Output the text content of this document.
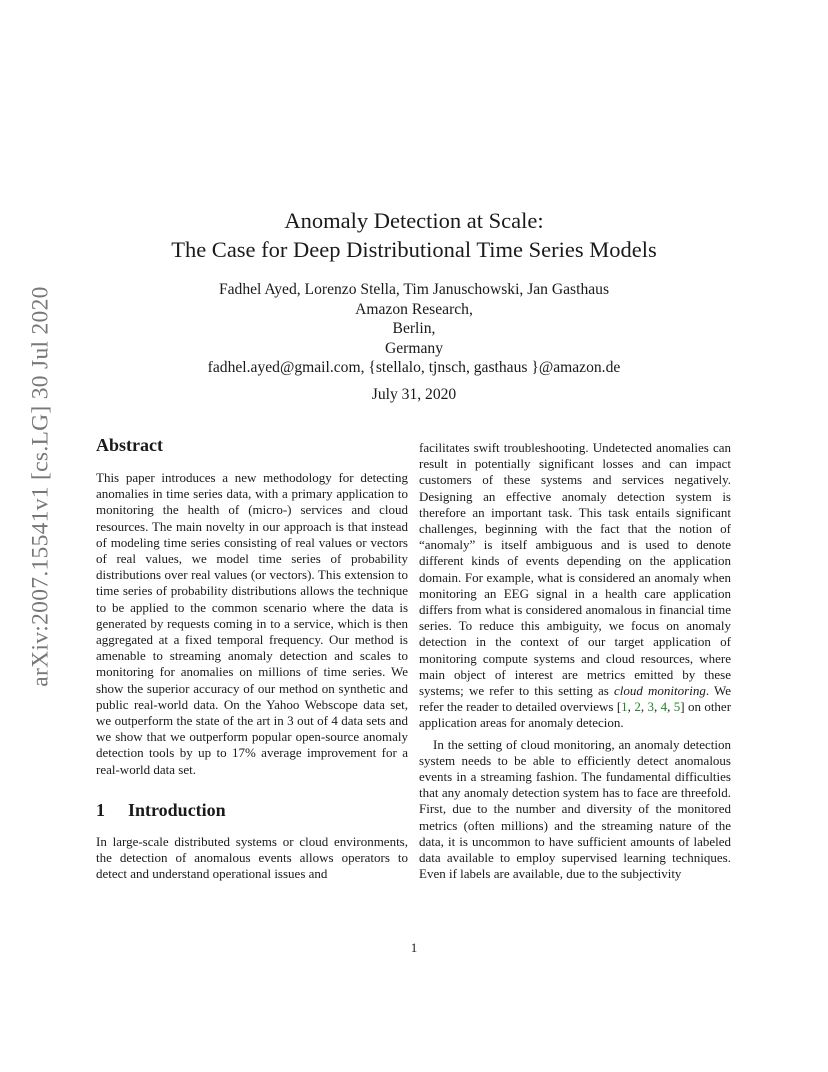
arXiv:2007.15541v1 [cs.LG] 30 Jul 2020
Anomaly Detection at Scale:
The Case for Deep Distributional Time Series Models
Fadhel Ayed, Lorenzo Stella, Tim Januschowski, Jan Gasthaus
Amazon Research,
Berlin,
Germany
fadhel.ayed@gmail.com, {stellalo, tjnsch, gasthaus }@amazon.de
July 31, 2020
Abstract

This paper introduces a new methodology for detecting anomalies in time series data, with a primary application to monitoring the health of (micro-) services and cloud resources. The main novelty in our approach is that instead of modeling time series consisting of real values or vectors of real values, we model time series of probability distributions over real values (or vectors). This extension to time series of probability distributions allows the technique to be applied to the common scenario where the data is generated by requests coming in to a service, which is then aggregated at a fixed temporal frequency. Our method is amenable to streaming anomaly detection and scales to monitoring for anomalies on millions of time series. We show the superior accuracy of our method on synthetic and public real-world data. On the Yahoo Webscope data set, we outperform the state of the art in 3 out of 4 data sets and we show that we outperform popular open-source anomaly detection tools by up to 17% average improvement for a real-world data set.

1 Introduction

In large-scale distributed systems or cloud environments, the detection of anomalous events allows operators to detect and understand operational issues and

facilitates swift troubleshooting. Undetected anomalies can result in potentially significant losses and can impact customers of these systems and services negatively. Designing an effective anomaly detection system is therefore an important task. This task entails significant challenges, beginning with the fact that the notion of “anomaly” is itself ambiguous and is used to denote different kinds of events depending on the application domain. For example, what is considered an anomaly when monitoring an EEG signal in a health care application differs from what is considered anomalous in financial time series. To reduce this ambiguity, we focus on anomaly detection in the context of our target application of monitoring compute systems and cloud resources, where main object of interest are metrics emitted by these systems; we refer to this setting as cloud monitoring. We refer the reader to detailed overviews [1, 2, 3, 4, 5] on other application areas for anomaly detecion.

In the setting of cloud monitoring, an anomaly detection system needs to be able to efficiently detect anomalous events in a streaming fashion. The fundamental difficulties that any anomaly detection system has to face are threefold. First, due to the number and diversity of the monitored metrics (often millions) and the streaming nature of the data, it is uncommon to have sufficient amounts of labeled data available to employ supervised learning techniques. Even if labels are available, due to the subjectivity

1
